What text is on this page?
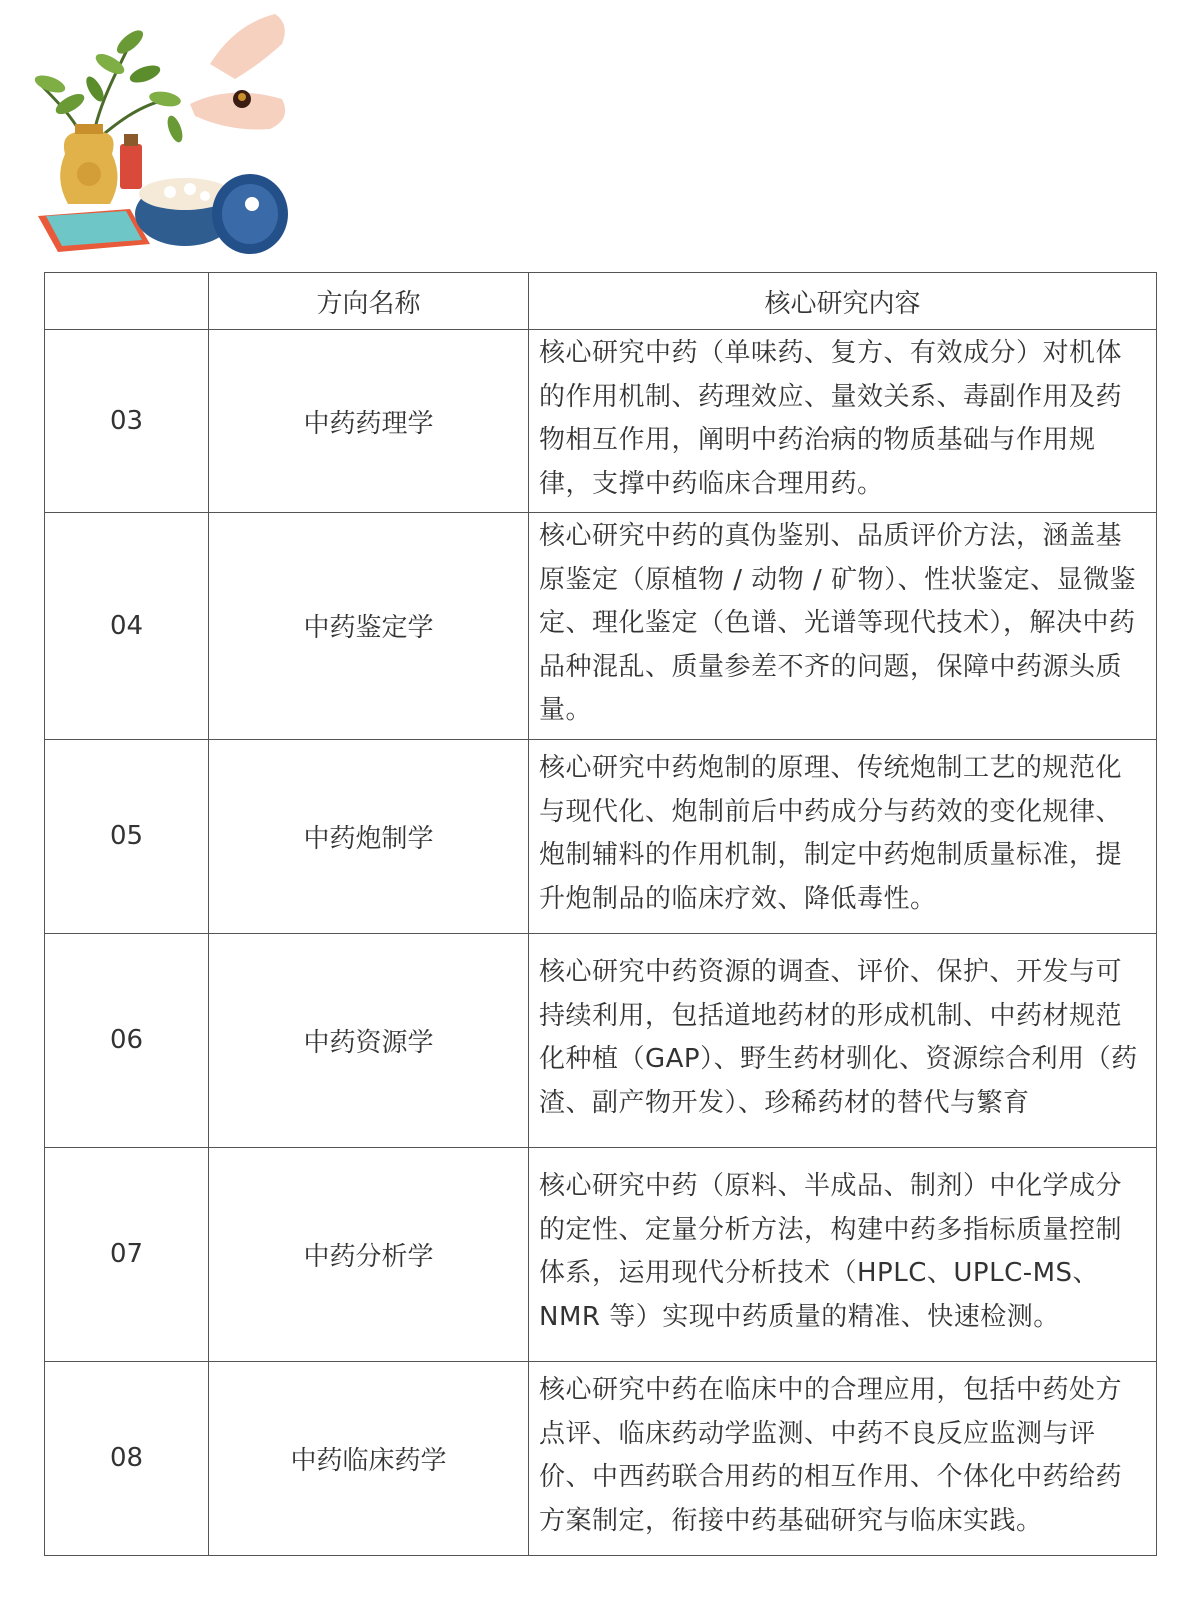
	方向名称	核心研究内容
03	中药药理学	核心研究中药（单味药、复方、有效成分）对机体的作用机制、药理效应、量效关系、毒副作用及药物相互作用，阐明中药治病的物质基础与作用规律，支撑中药临床合理用药。
04	中药鉴定学	核心研究中药的真伪鉴别、品质评价方法，涵盖基原鉴定（原植物 / 动物 / 矿物）、性状鉴定、显微鉴定、理化鉴定（色谱、光谱等现代技术），解决中药品种混乱、质量参差不齐的问题，保障中药源头质量。
05	中药炮制学	核心研究中药炮制的原理、传统炮制工艺的规范化与现代化、炮制前后中药成分与药效的变化规律、炮制辅料的作用机制，制定中药炮制质量标准，提升炮制品的临床疗效、降低毒性。
06	中药资源学	核心研究中药资源的调查、评价、保护、开发与可持续利用，包括道地药材的形成机制、中药材规范化种植（GAP）、野生药材驯化、资源综合利用（药渣、副产物开发）、珍稀药材的替代与繁育
07	中药分析学	核心研究中药（原料、半成品、制剂）中化学成分的定性、定量分析方法，构建中药多指标质量控制体系，运用现代分析技术（HPLC、UPLC-MS、NMR 等）实现中药质量的精准、快速检测。
08	中药临床药学	核心研究中药在临床中的合理应用，包括中药处方点评、临床药动学监测、中药不良反应监测与评价、中西药联合用药的相互作用、个体化中药给药方案制定，衔接中药基础研究与临床实践。
